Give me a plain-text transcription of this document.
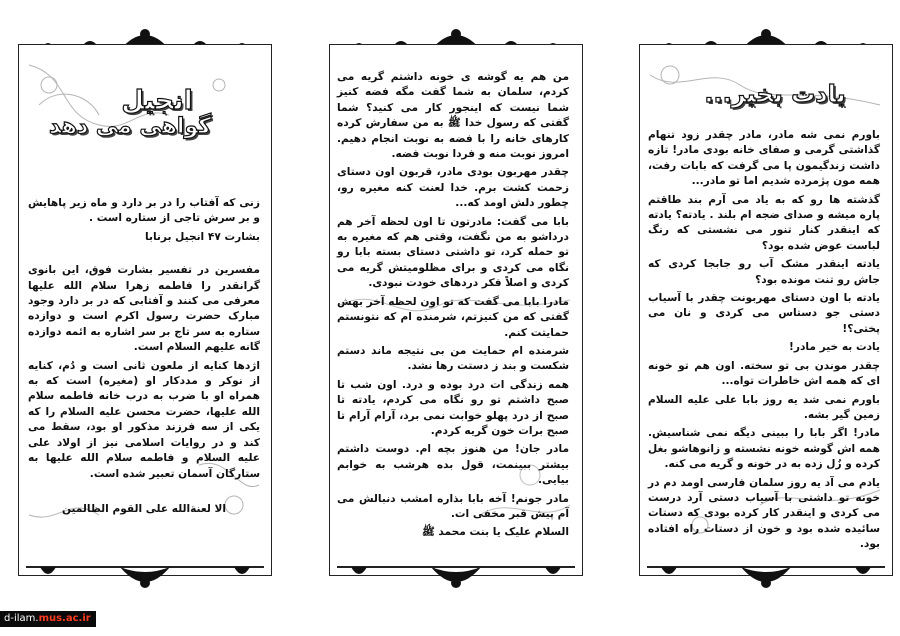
انجیل
گواهی می دهد

زنی که آفتاب را در بر دارد و ماه زیر پاهایش و بر سرش تاجی از ستاره است .

بشارت ۴۷ انجیل برنابا

مفسرین در تفسیر بشارت فوق، این بانوی گرانقدر را فاطمه زهرا سلام الله علیها معرفی می کنند و آفتابی که در بر دارد وجود مبارک حضرت رسول اکرم است و دوازده ستاره به سر تاج بر سر اشاره به ائمه دوازده گانه علیهم السلام است.

اژدها کنایه از ملعون ثانی است و دُم، کنایه از نوکر و مددکار او (مغیره) است که به همراه او با ضرب به درب خانه فاطمه سلام الله علیها، حضرت محسن علیه السلام را که یکی از سه فرزند مذکور او بود، سقط می کند و در روایات اسلامی نیز از اولاد علی علیه السلام و فاطمه سلام الله علیها به ستارگان آسمان تعبیر شده است.

الا لعنةالله علی القوم الظالمین

من هم یه گوشه ی خونه داشتم گریه می کردم، سلمان به شما گفت مگه فضه کنیز شما نیست که اینجور کار می کنید؟ شما گفتی که رسول خدا ﷺ به من سفارش کرده کارهای خانه را با فضه به نوبت انجام دهیم. امروز نوبت منه و فردا نوبت فضه.

چقدر مهربون بودی مادر، قربون اون دستای زحمت کشت برم. خدا لعنت کنه مغیره رو، چطور دلش اومد که...

بابا می گفت: مادرتون تا اون لحظه آخر هم درداشو به من نگفت، وقتی هم که مغیره به تو حمله کرد، تو داشتی دستای بسته بابا رو نگاه می کردی و برای مظلومیتش گریه می کردی و اصلاً فکر دردهای خودت نبودی.

مادرا بابا می گفت که تو اون لحظه آخر بهش گفتی که من کنیزتم، شرمنده ام که نتونستم حمایتت کنم.

شرمنده ام حمایت من بی نتیجه ماند دستم شکست و بند ز دستت رها نشد.

همه زندگی ات درد بوده و درد. اون شب تا صبح داشتم تو رو نگاه می کردم، یادته تا صبح از درد پهلو خوابت نمی برد، آرام آرام تا صبح برات خون گریه کردم.

مادر جان! من هنوز بچه ام. دوست داشتم بیشتر ببینمت، قول بده هرشب به خوابم بیایی.

مادر جونم! آخه بابا بذاره امشب دنبالش می آم پیش قبر مخفی ات.

السلام علیک یا بنت محمد ﷺ

یادت بخیر...

باورم نمی شه مادر، مادر چقدر زود تنهام گذاشتی گرمی و صفای خانه بودی مادر! تازه داشت زندگیمون پا می گرفت که بابات رفت، همه مون پژمرده شدیم اما تو مادر...

گذشته ها رو که به یاد می آرم بند طاقتم پاره میشه و صدای ضجه ام بلند . یادته؟ یادته که اینقدر کنار تنور می نشستی که رنگ لباست عوض شده بود؟

یادته اینقدر مشک آب رو جابجا کردی که جاش رو تنت مونده بود؟

یادته با اون دستای مهربونت چقدر با آسیاب دستی جو دستاس می کردی و نان می پختی؟!

یادت به خیر مادر!

چقدر موندن بی تو سخته. اون هم تو خونه ای که همه اش خاطرات تواه...

باورم نمی شد یه روز بابا علی علیه السلام زمین گیر بشه.

مادر! اگر بابا را ببینی دیگه نمی شناسیش. همه اش گوشه خونه نشسته و زانوهاشو بغل کرده و زُل زده به در خونه و گریه می کنه.

یادم می آد یه روز سلمان فارسی اومد دم در خونه تو داشتی با آسیاب دستی آرد درست می کردی و اینقدر کار کرده بودی که دستات سائیده شده بود و خون از دستات راه افتاده بود.

d-ilam.mus.ac.ir
